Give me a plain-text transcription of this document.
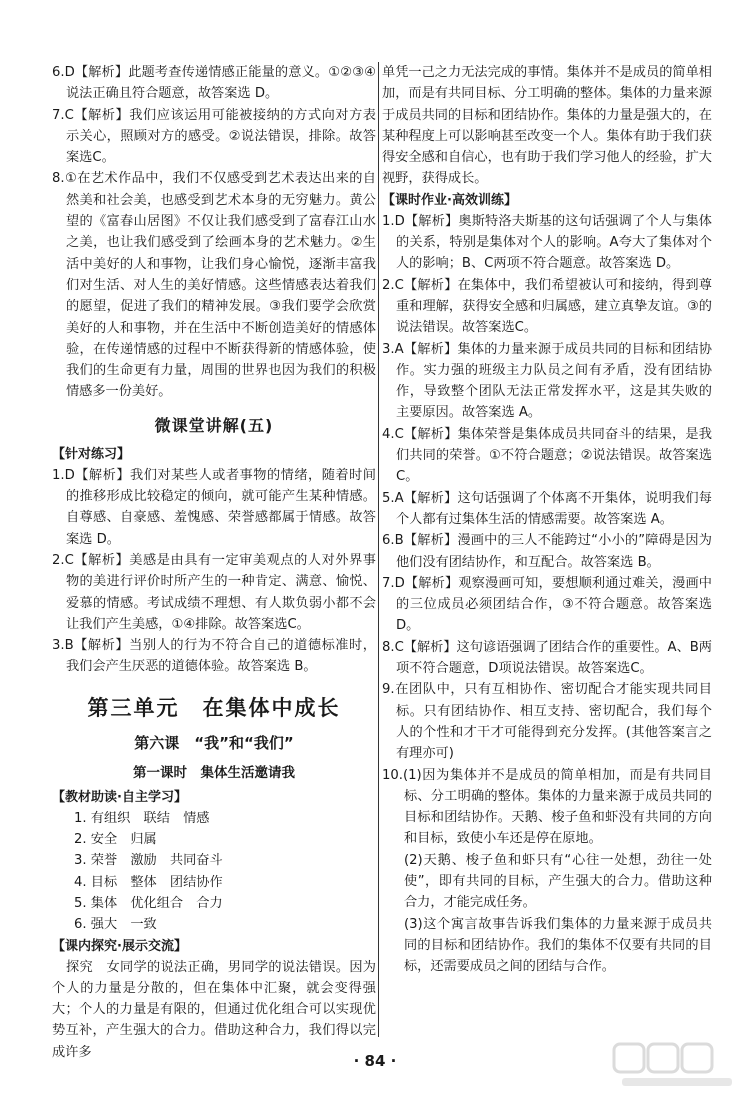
6.D【解析】此题考查传递情感正能量的意义。①②③④说法正确且符合题意，故答案选 D。

7.C【解析】我们应该运用可能被接纳的方式向对方表示关心，照顾对方的感受。②说法错误，排除。故答案选C。

8.①在艺术作品中，我们不仅感受到艺术表达出来的自然美和社会美，也感受到艺术本身的无穷魅力。黄公望的《富春山居图》不仅让我们感受到了富春江山水之美，也让我们感受到了绘画本身的艺术魅力。②生活中美好的人和事物，让我们身心愉悦，逐渐丰富我们对生活、对人生的美好情感。这些情感表达着我们的愿望，促进了我们的精神发展。③我们要学会欣赏美好的人和事物，并在生活中不断创造美好的情感体验，在传递情感的过程中不断获得新的情感体验，使我们的生命更有力量，周围的世界也因为我们的积极情感多一份美好。

微课堂讲解(五)
【针对练习】

1.D【解析】我们对某些人或者事物的情绪，随着时间的推移形成比较稳定的倾向，就可能产生某种情感。自尊感、自豪感、羞愧感、荣誉感都属于情感。故答案选 D。

2.C【解析】美感是由具有一定审美观点的人对外界事物的美进行评价时所产生的一种肯定、满意、愉悦、爱慕的情感。考试成绩不理想、有人欺负弱小都不会让我们产生美感，①④排除。故答案选C。

3.B【解析】当别人的行为不符合自己的道德标准时，我们会产生厌恶的道德体验。故答案选 B。

第三单元　在集体中成长
第六课　“我”和“我们”
第一课时　集体生活邀请我
【教材助读·自主学习】

1. 有组织　联结　情感

2. 安全　归属

3. 荣誉　激励　共同奋斗

4. 目标　整体　团结协作

5. 集体　优化组合　合力

6. 强大　一致

【课内探究·展示交流】

探究　女同学的说法正确，男同学的说法错误。因为个人的力量是分散的，但在集体中汇聚，就会变得强大；个人的力量是有限的，但通过优化组合可以实现优势互补，产生强大的合力。借助这种合力，我们得以完成许多

单凭一己之力无法完成的事情。集体并不是成员的简单相加，而是有共同目标、分工明确的整体。集体的力量来源于成员共同的目标和团结协作。集体的力量是强大的，在某种程度上可以影响甚至改变一个人。集体有助于我们获得安全感和自信心，也有助于我们学习他人的经验，扩大视野，获得成长。

【课时作业·高效训练】

1.D【解析】奥斯特洛夫斯基的这句话强调了个人与集体的关系，特别是集体对个人的影响。A夸大了集体对个人的影响；B、C两项不符合题意。故答案选 D。

2.C【解析】在集体中，我们希望被认可和接纳，得到尊重和理解，获得安全感和归属感，建立真挚友谊。③的说法错误。故答案选C。

3.A【解析】集体的力量来源于成员共同的目标和团结协作。实力强的班级主力队员之间有矛盾，没有团结协作，导致整个团队无法正常发挥水平，这是其失败的主要原因。故答案选 A。

4.C【解析】集体荣誉是集体成员共同奋斗的结果，是我们共同的荣誉。①不符合题意；②说法错误。故答案选C。

5.A【解析】这句话强调了个体离不开集体，说明我们每个人都有过集体生活的情感需要。故答案选 A。

6.B【解析】漫画中的三人不能跨过“小小的”障碍是因为他们没有团结协作，和互配合。故答案选 B。

7.D【解析】观察漫画可知，要想顺利通过难关，漫画中的三位成员必须团结合作，③不符合题意。故答案选 D。

8.C【解析】这句谚语强调了团结合作的重要性。A、B两项不符合题意，D项说法错误。故答案选C。

9.在团队中，只有互相协作、密切配合才能实现共同目标。只有团结协作、相互支持、密切配合，我们每个人的个性和才干才可能得到充分发挥。(其他答案言之有理亦可)

10.(1)因为集体并不是成员的简单相加，而是有共同目标、分工明确的整体。集体的力量来源于成员共同的目标和团结协作。天鹅、梭子鱼和虾没有共同的方向和目标，致使小车还是停在原地。

(2)天鹅、梭子鱼和虾只有“心往一处想，劲往一处使”，即有共同的目标，产生强大的合力。借助这种合力，才能完成任务。

(3)这个寓言故事告诉我们集体的力量来源于成员共同的目标和团结协作。我们的集体不仅要有共同的目标，还需要成员之间的团结与合作。

· 84 ·
